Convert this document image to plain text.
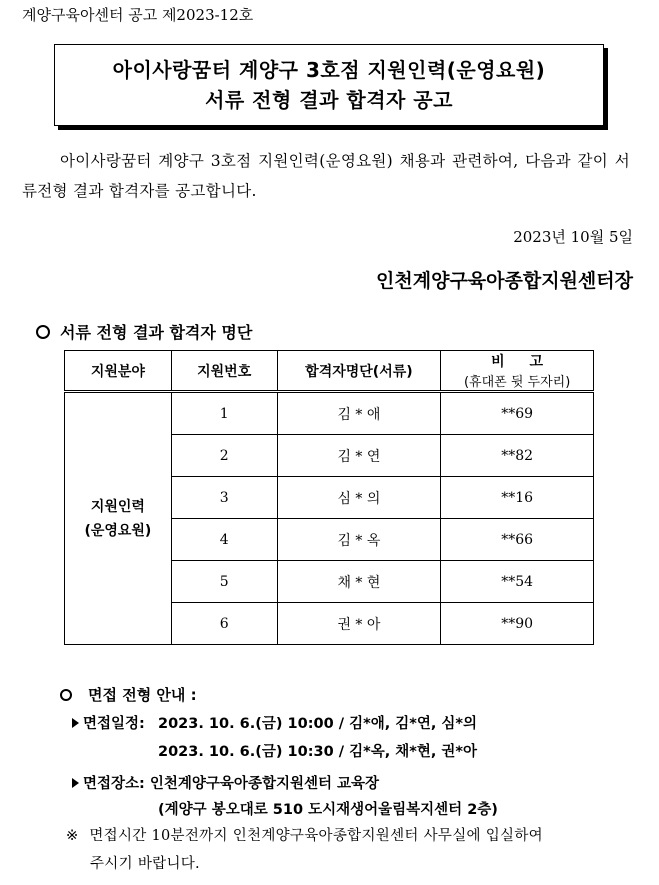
계양구육아센터 공고 제2023-12호
아이사랑꿈터 계양구 3호점 지원인력(운영요원)
서류 전형 결과 합격자 공고
아이사랑꿈터 계양구 3호점 지원인력(운영요원) 채용과 관련하여, 다음과 같이 서류전형 결과 합격자를 공고합니다.
2023년 10월 5일
인천계양구육아종합지원센터장
서류 전형 결과 합격자 명단
지원분야	지원번호	합격자명단(서류)	비 고
(휴대폰 뒷 두자리)

지원인력
(운영요원)	1	김 * 애	**69
	2	김 * 연	**82
	3	심 * 의	**16
	4	김 * 옥	**66
	5	채 * 현	**54
	6	권 * 아	**90
면접 전형 안내 :
면접일정: 2023. 10. 6.(금) 10:00 / 김*애, 김*연, 심*의
2023. 10. 6.(금) 10:30 / 김*옥, 채*현, 권*아
면접장소: 인천계양구육아종합지원센터 교육장
(계양구 봉오대로 510 도시재생어울림복지센터 2층)
※ 면접시간 10분전까지 인천계양구육아종합지원센터 사무실에 입실하여
주시기 바랍니다.
